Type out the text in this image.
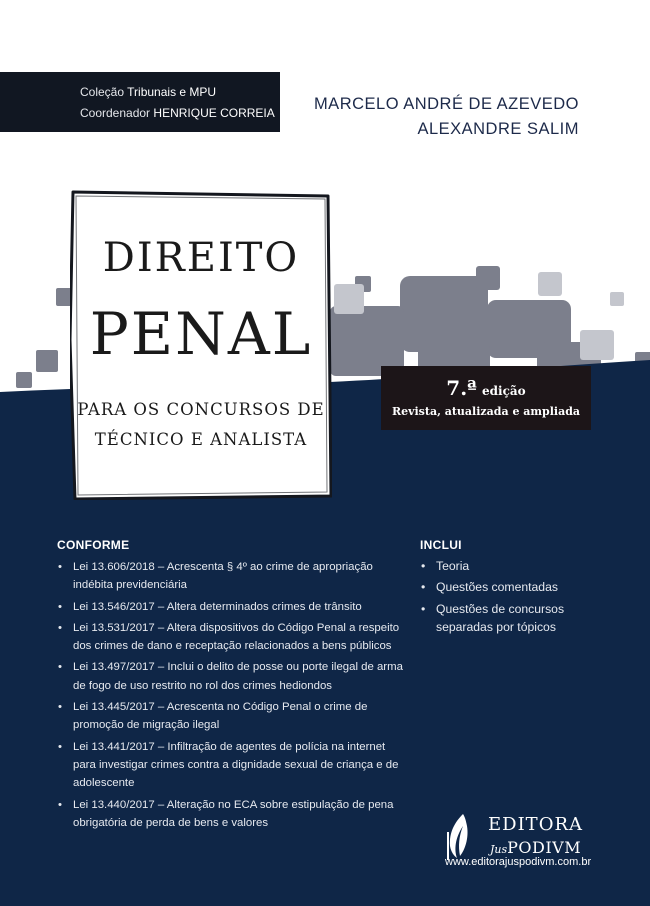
Coleção Tribunais e MPU
Coordenador HENRIQUE CORREIA MARCELO ANDRÉ DE AZEVEDO
ALEXANDRE SALIM
DIREITO
PENAL
PARA OS CONCURSOS DE
TÉCNICO E ANALISTA
7.ª edição
Revista, atualizada e ampliada
CONFORME
• Lei 13.606/2018 – Acrescenta § 4º ao crime de apropriação indébita previdenciária
• Lei 13.546/2017 – Altera determinados crimes de trânsito
• Lei 13.531/2017 – Altera dispositivos do Código Penal a respeito dos crimes de dano e receptação relacionados a bens públicos
• Lei 13.497/2017 – Inclui o delito de posse ou porte ilegal de arma de fogo de uso restrito no rol dos crimes hediondos
• Lei 13.445/2017 – Acrescenta no Código Penal o crime de promoção de migração ilegal
• Lei 13.441/2017 – Infiltração de agentes de polícia na internet para investigar crimes contra a dignidade sexual de criança e de adolescente
• Lei 13.440/2017 – Alteração no ECA sobre estipulação de pena obrigatória de perda de bens e valores
INCLUI
• Teoria
• Questões comentadas
• Questões de concursos separadas por tópicos
EDITORA
JusPODIVM
www.editorajuspodivm.com.br
